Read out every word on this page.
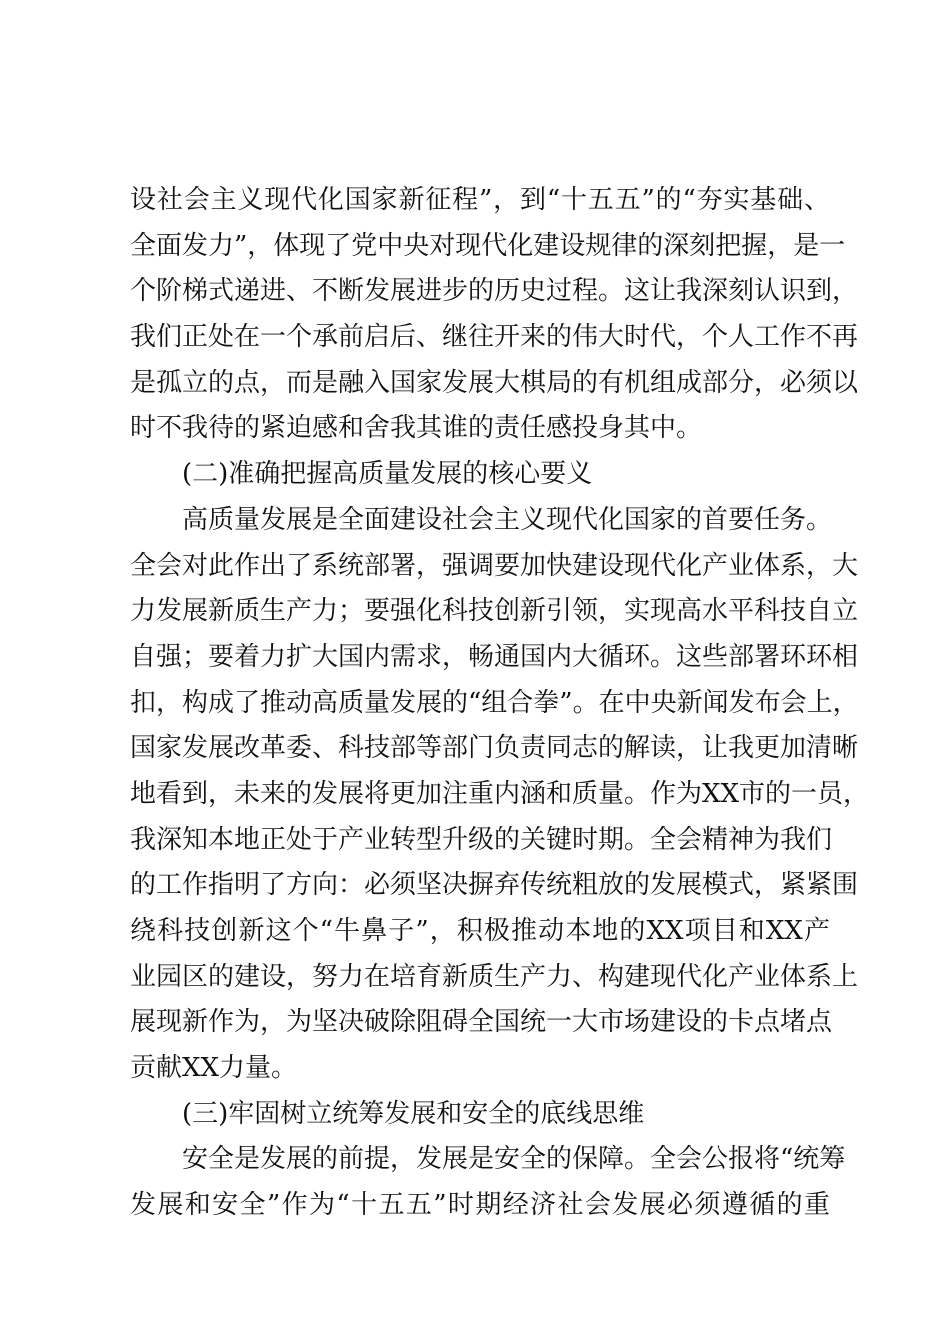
设社会主义现代化国家新征程”，到“十五五”的“夯实基础、
全面发力”，体现了党中央对现代化建设规律的深刻把握，是一
个阶梯式递进、不断发展进步的历史过程。这让我深刻认识到，
我们正处在一个承前启后、继往开来的伟大时代，个人工作不再
是孤立的点，而是融入国家发展大棋局的有机组成部分，必须以
时不我待的紧迫感和舍我其谁的责任感投身其中。
(二)准确把握高质量发展的核心要义
高质量发展是全面建设社会主义现代化国家的首要任务。
全会对此作出了系统部署，强调要加快建设现代化产业体系，大
力发展新质生产力；要强化科技创新引领，实现高水平科技自立
自强；要着力扩大国内需求，畅通国内大循环。这些部署环环相
扣，构成了推动高质量发展的“组合拳”。在中央新闻发布会上，
国家发展改革委、科技部等部门负责同志的解读，让我更加清晰
地看到，未来的发展将更加注重内涵和质量。作为XX市的一员，
我深知本地正处于产业转型升级的关键时期。全会精神为我们
的工作指明了方向：必须坚决摒弃传统粗放的发展模式，紧紧围
绕科技创新这个“牛鼻子”，积极推动本地的XX项目和XX产
业园区的建设，努力在培育新质生产力、构建现代化产业体系上
展现新作为，为坚决破除阻碍全国统一大市场建设的卡点堵点
贡献XX力量。
(三)牢固树立统筹发展和安全的底线思维
安全是发展的前提，发展是安全的保障。全会公报将“统筹
发展和安全”作为“十五五”时期经济社会发展必须遵循的重
